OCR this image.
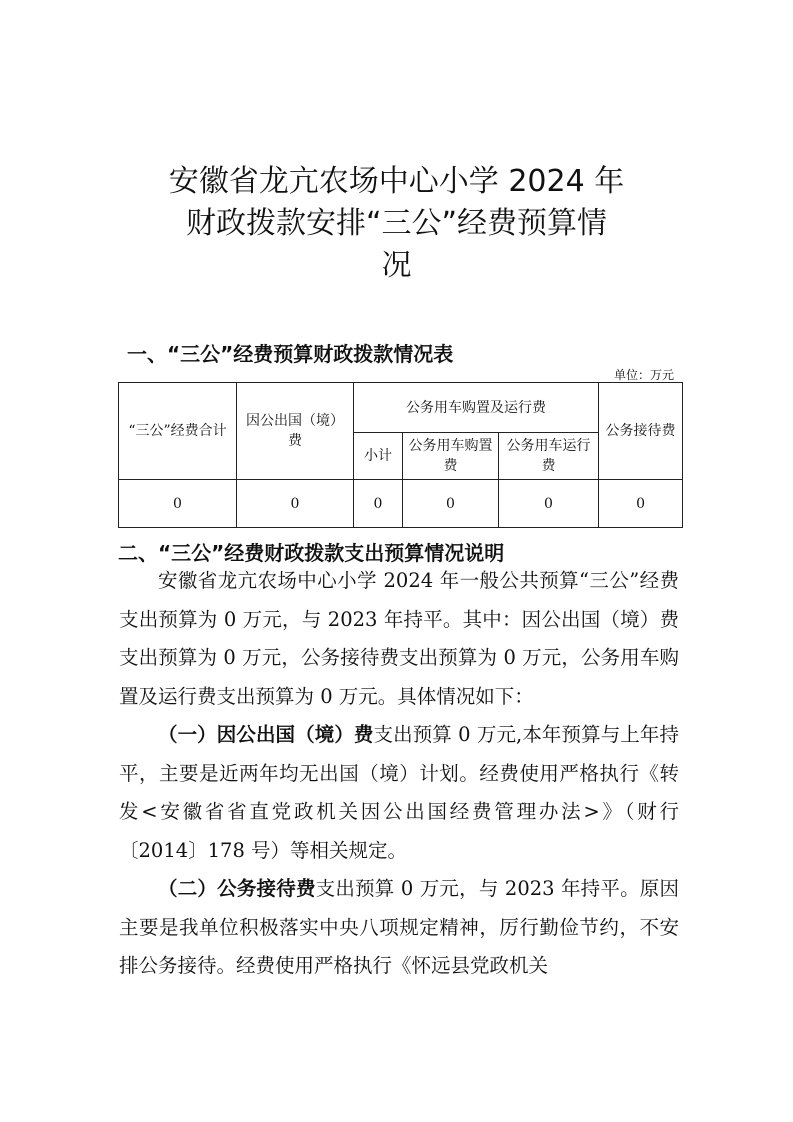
安徽省龙亢农场中心小学 2024 年
财政拨款安排“三公”经费预算情
况
一、“三公”经费预算财政拨款情况表
单位：万元
“三公”经费合计	因公出国（境）费	公务用车购置及运行费			公务接待费
		小计	公务用车购置费	公务用车运行费	
0	0	0	0	0	0
二、“三公”经费财政拨款支出预算情况说明
安徽省龙亢农场中心小学 2024 年一般公共预算“三公”经费支出预算为 0 万元，与 2023 年持平。其中：因公出国（境）费支出预算为 0 万元，公务接待费支出预算为 0 万元，公务用车购置及运行费支出预算为 0 万元。具体情况如下：
（一）因公出国（境）费支出预算 0 万元,本年预算与上年持平，主要是近两年均无出国（境）计划。经费使用严格执行《转发<安徽省省直党政机关因公出国经费管理办法>》（财行〔2014〕178 号）等相关规定。
（二）公务接待费支出预算 0 万元，与 2023 年持平。原因主要是我单位积极落实中央八项规定精神，厉行勤俭节约，不安排公务接待。经费使用严格执行《怀远县党政机关
